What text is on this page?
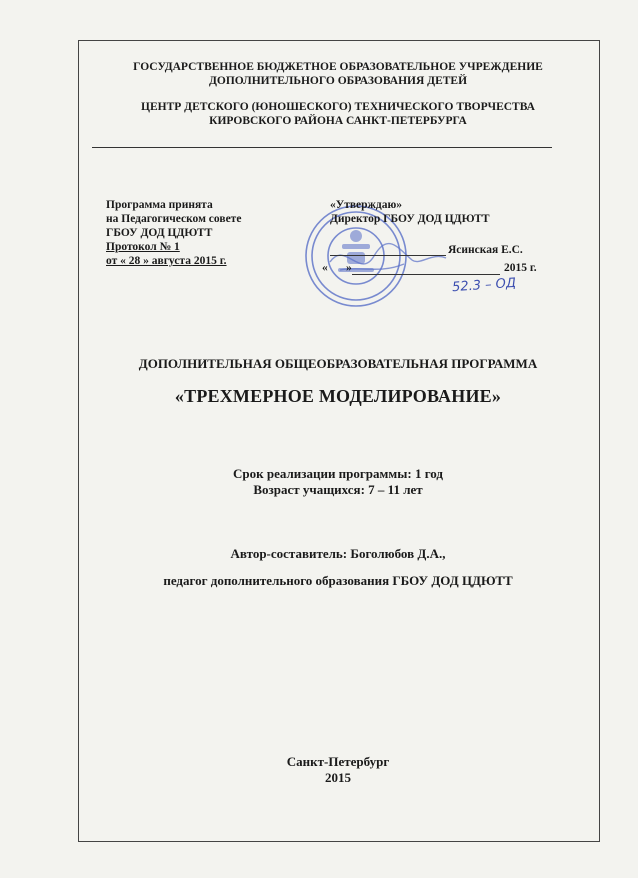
ГОСУДАРСТВЕННОЕ БЮДЖЕТНОЕ ОБРАЗОВАТЕЛЬНОЕ УЧРЕЖДЕНИЕ
ДОПОЛНИТЕЛЬНОГО ОБРАЗОВАНИЯ ДЕТЕЙ
ЦЕНТР ДЕТСКОГО (ЮНОШЕСКОГО) ТЕХНИЧЕСКОГО ТВОРЧЕСТВА
КИРОВСКОГО РАЙОНА САНКТ-ПЕТЕРБУРГА
Программа принята
на Педагогическом совете
ГБОУ ДОД ЦДЮТТ
Протокол № 1
от « 28 » августа 2015 г.
«Утверждаю»
Директор ГБОУ ДОД ЦДЮТТ
Ясинская Е.С.
« »	2015 г.
52.3 – ОД
ДОПОЛНИТЕЛЬНАЯ ОБЩЕОБРАЗОВАТЕЛЬНАЯ ПРОГРАММА
«ТРЕХМЕРНОЕ МОДЕЛИРОВАНИЕ»
Срок реализации программы: 1 год
Возраст учащихся: 7 – 11 лет
Автор-составитель: Боголюбов Д.А.,
педагог дополнительного образования ГБОУ ДОД ЦДЮТТ
Санкт-Петербург
2015
